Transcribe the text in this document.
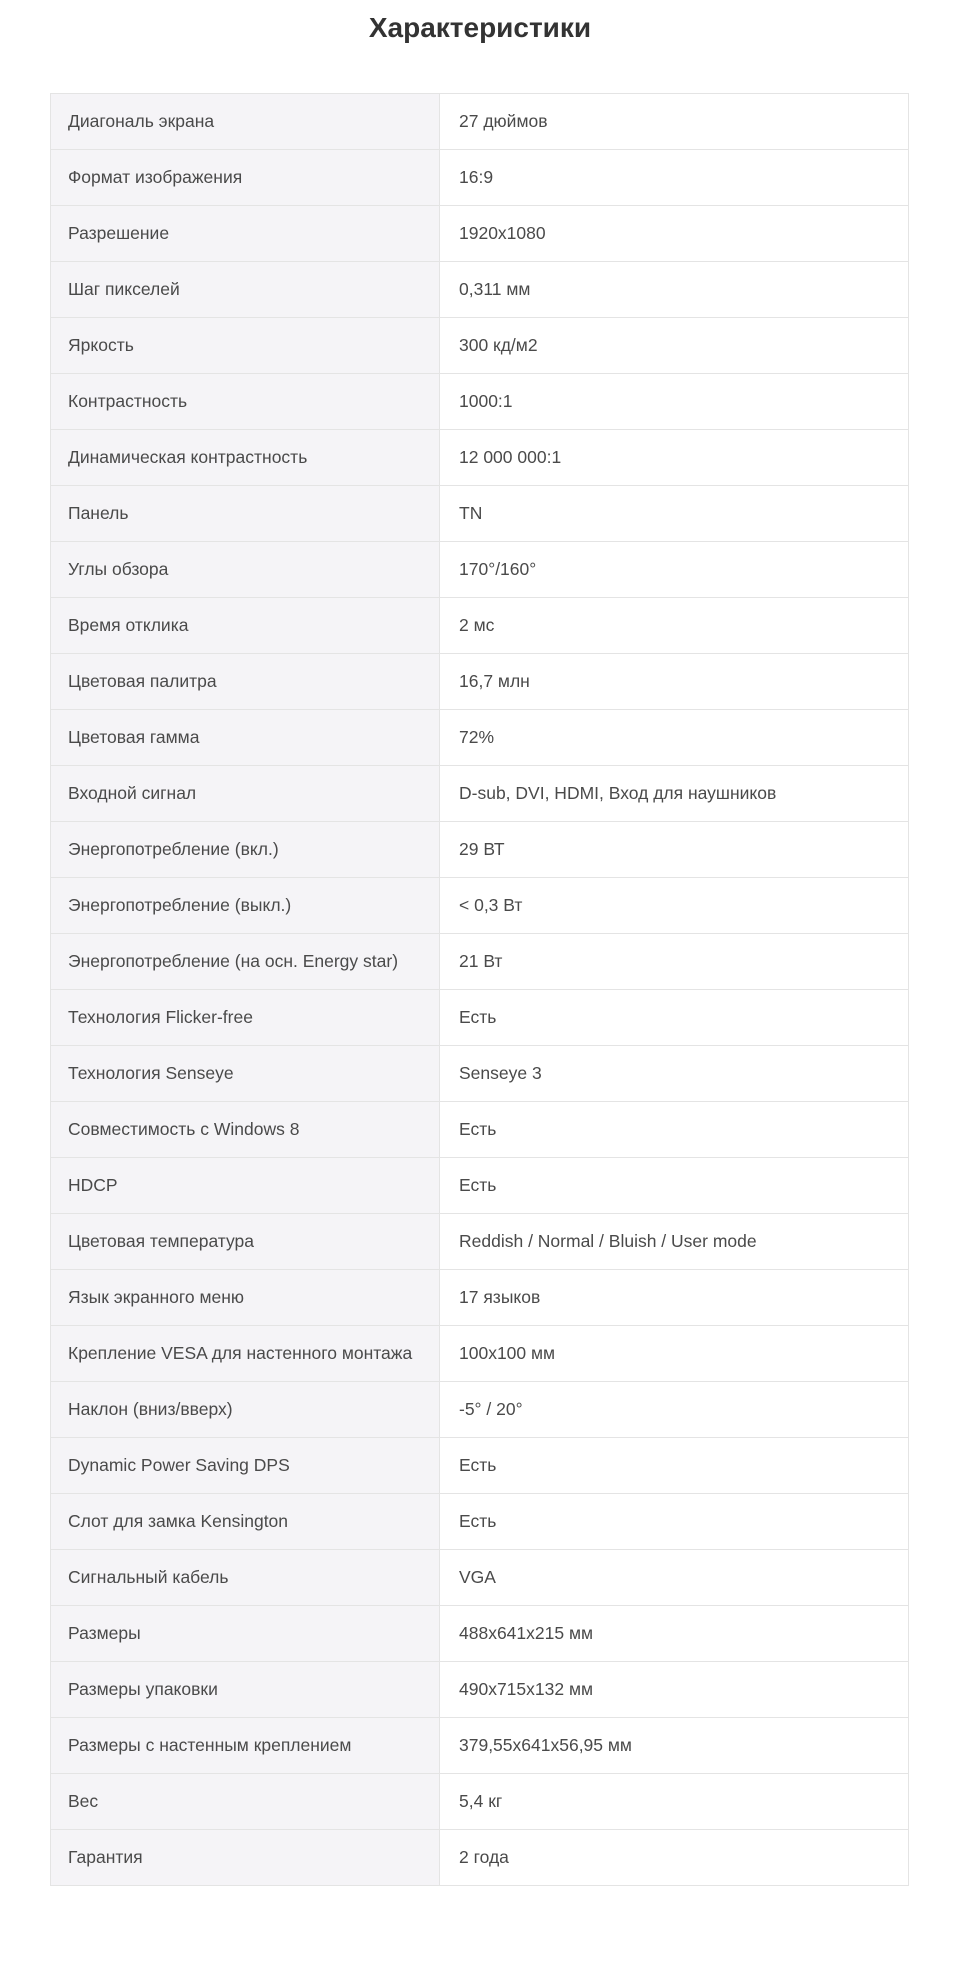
Характеристики
Диагональ экрана	27 дюймов
Формат изображения	16:9
Разрешение	1920x1080
Шаг пикселей	0,311 мм
Яркость	300 кд/м2
Контрастность	1000:1
Динамическая контрастность	12 000 000:1
Панель	TN
Углы обзора	170°/160°
Время отклика	2 мс
Цветовая палитра	16,7 млн
Цветовая гамма	72%
Входной сигнал	D-sub, DVI, HDMI, Вход для наушников
Энергопотребление (вкл.)	29 ВТ
Энергопотребление (выкл.)	< 0,3 Вт
Энергопотребление (на осн. Energy star)	21 Вт
Технология Flicker-free	Есть
Технология Senseye	Senseye 3
Совместимость с Windows 8	Есть
HDCP	Есть
Цветовая температура	Reddish / Normal / Bluish / User mode
Язык экранного меню	17 языков
Крепление VESA для настенного монтажа	100x100 мм
Наклон (вниз/вверх)	-5° / 20°
Dynamic Power Saving DPS	Есть
Слот для замка Kensington	Есть
Сигнальный кабель	VGA
Размеры	488x641x215 мм
Размеры упаковки	490x715x132 мм
Размеры с настенным креплением	379,55x641x56,95 мм
Вес	5,4 кг
Гарантия	2 года
